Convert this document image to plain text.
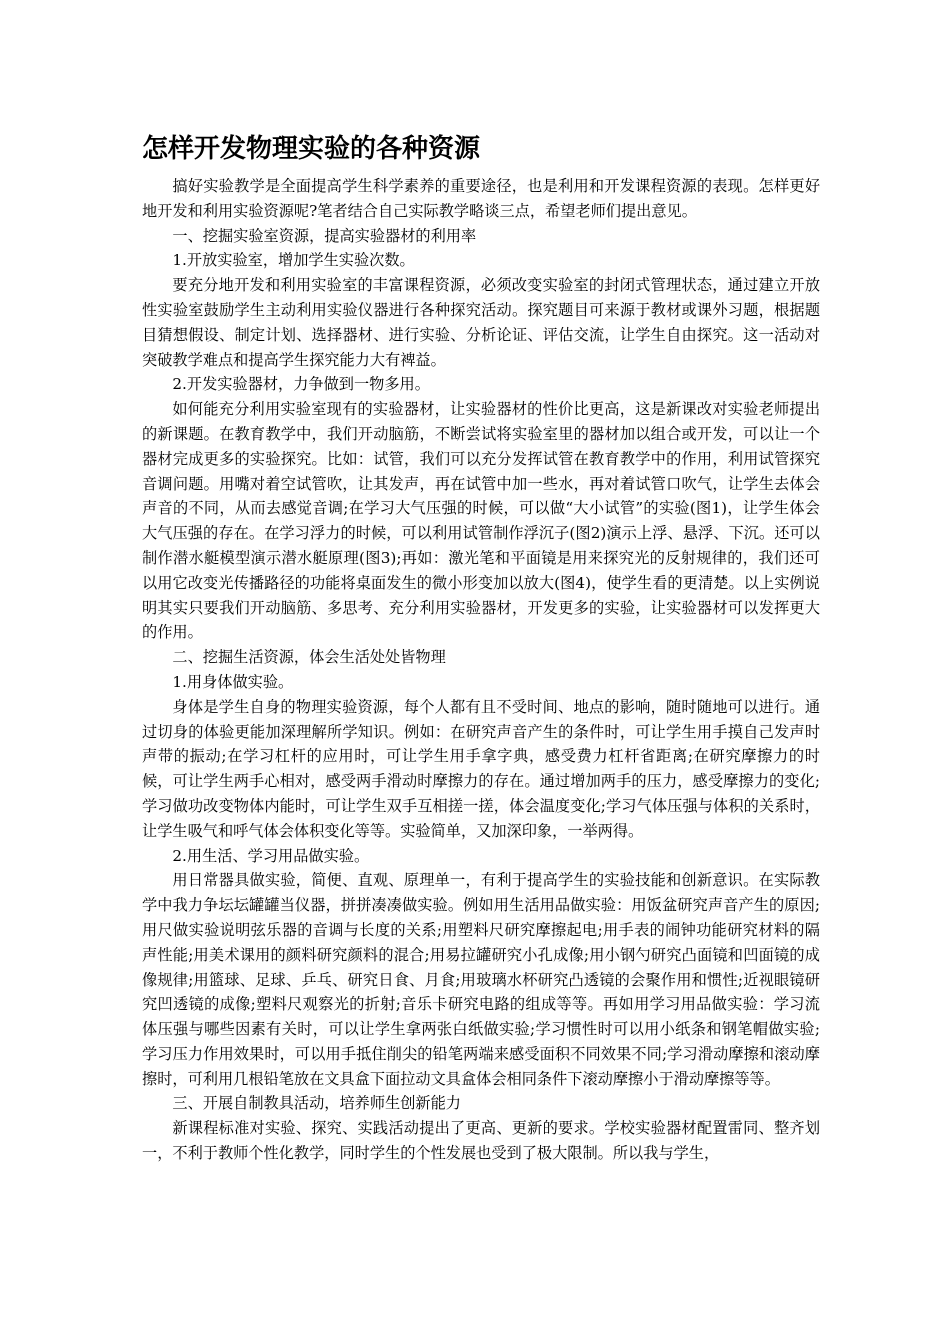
怎样开发物理实验的各种资源

搞好实验教学是全面提高学生科学素养的重要途径，也是利用和开发课程资源的表现。怎样更好地开发和利用实验资源呢?笔者结合自己实际教学略谈三点，希望老师们提出意见。

一、挖掘实验室资源，提高实验器材的利用率

1.开放实验室，增加学生实验次数。

要充分地开发和利用实验室的丰富课程资源，必须改变实验室的封闭式管理状态，通过建立开放性实验室鼓励学生主动利用实验仪器进行各种探究活动。探究题目可来源于教材或课外习题，根据题目猜想假设、制定计划、选择器材、进行实验、分析论证、评估交流，让学生自由探究。这一活动对突破教学难点和提高学生探究能力大有裨益。

2.开发实验器材，力争做到一物多用。

如何能充分利用实验室现有的实验器材，让实验器材的性价比更高，这是新课改对实验老师提出的新课题。在教育教学中，我们开动脑筋，不断尝试将实验室里的器材加以组合或开发，可以让一个器材完成更多的实验探究。比如：试管，我们可以充分发挥试管在教育教学中的作用，利用试管探究音调问题。用嘴对着空试管吹，让其发声，再在试管中加一些水，再对着试管口吹气，让学生去体会声音的不同，从而去感觉音调;在学习大气压强的时候，可以做“大小试管”的实验(图1)，让学生体会大气压强的存在。在学习浮力的时候，可以利用试管制作浮沉子(图2)演示上浮、悬浮、下沉。还可以制作潜水艇模型演示潜水艇原理(图3);再如：激光笔和平面镜是用来探究光的反射规律的，我们还可以用它改变光传播路径的功能将桌面发生的微小形变加以放大(图4)，使学生看的更清楚。以上实例说明其实只要我们开动脑筋、多思考、充分利用实验器材，开发更多的实验，让实验器材可以发挥更大的作用。

二、挖掘生活资源，体会生活处处皆物理

1.用身体做实验。

身体是学生自身的物理实验资源，每个人都有且不受时间、地点的影响，随时随地可以进行。通过切身的体验更能加深理解所学知识。例如：在研究声音产生的条件时，可让学生用手摸自己发声时声带的振动;在学习杠杆的应用时，可让学生用手拿字典，感受费力杠杆省距离;在研究摩擦力的时候，可让学生两手心相对，感受两手滑动时摩擦力的存在。通过增加两手的压力，感受摩擦力的变化;学习做功改变物体内能时，可让学生双手互相搓一搓，体会温度变化;学习气体压强与体积的关系时，让学生吸气和呼气体会体积变化等等。实验简单，又加深印象，一举两得。

2.用生活、学习用品做实验。

用日常器具做实验，简便、直观、原理单一，有利于提高学生的实验技能和创新意识。在实际教学中我力争坛坛罐罐当仪器，拼拼凑凑做实验。例如用生活用品做实验：用饭盆研究声音产生的原因;用尺做实验说明弦乐器的音调与长度的关系;用塑料尺研究摩擦起电;用手表的闹钟功能研究材料的隔声性能;用美术课用的颜料研究颜料的混合;用易拉罐研究小孔成像;用小钢勺研究凸面镜和凹面镜的成像规律;用篮球、足球、乒乓、研究日食、月食;用玻璃水杯研究凸透镜的会聚作用和惯性;近视眼镜研究凹透镜的成像;塑料尺观察光的折射;音乐卡研究电路的组成等等。再如用学习用品做实验：学习流体压强与哪些因素有关时，可以让学生拿两张白纸做实验;学习惯性时可以用小纸条和钢笔帽做实验;学习压力作用效果时，可以用手抵住削尖的铅笔两端来感受面积不同效果不同;学习滑动摩擦和滚动摩擦时，可利用几根铅笔放在文具盒下面拉动文具盒体会相同条件下滚动摩擦小于滑动摩擦等等。

三、开展自制教具活动，培养师生创新能力

新课程标准对实验、探究、实践活动提出了更高、更新的要求。学校实验器材配置雷同、整齐划一，不利于教师个性化教学，同时学生的个性发展也受到了极大限制。所以我与学生，
